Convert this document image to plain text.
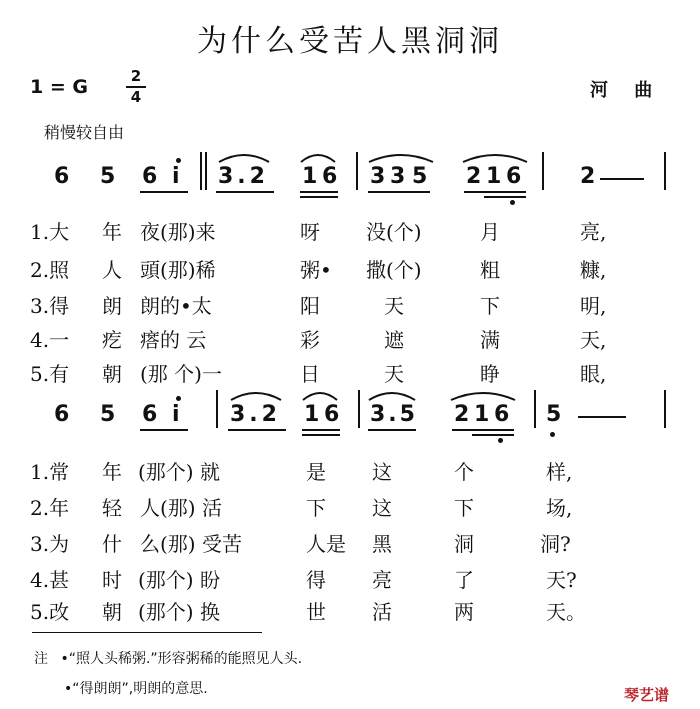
为什么受苦人黑洞洞
1 = G	2
4	河 曲
稍慢较自由
6 5 6 i 3.2 1 6 3 3 5 2 1 6	2
1.大 年 夜(那)来	呀 没(个)	月	亮,
2.照 人 頭(那)稀	粥• 撒(个)	粗	糠,
3.得 朗 朗的•太	阳	天	下	明,
4.一 疙 瘩的 云	彩	遮	满	天,
5.有 朝 (那 个)一	日	天	睁	眼,
6 5 6 i 3.2 1 6 3.5 2 1 6 5
1.常 年 (那个) 就	是 这	个	样,
2.年 轻 人(那) 活	下 这	下	场,
3.为 什 么(那) 受苦	人是 黑	洞	洞?
4.甚 时 (那个) 盼	得 亮	了	天?
5.改 朝 (那个) 换	世 活	两	天。
注 •“照人头稀粥.”形容粥稀的能照见人头.
•“得朗朗”,明朗的意思.	琴艺谱
